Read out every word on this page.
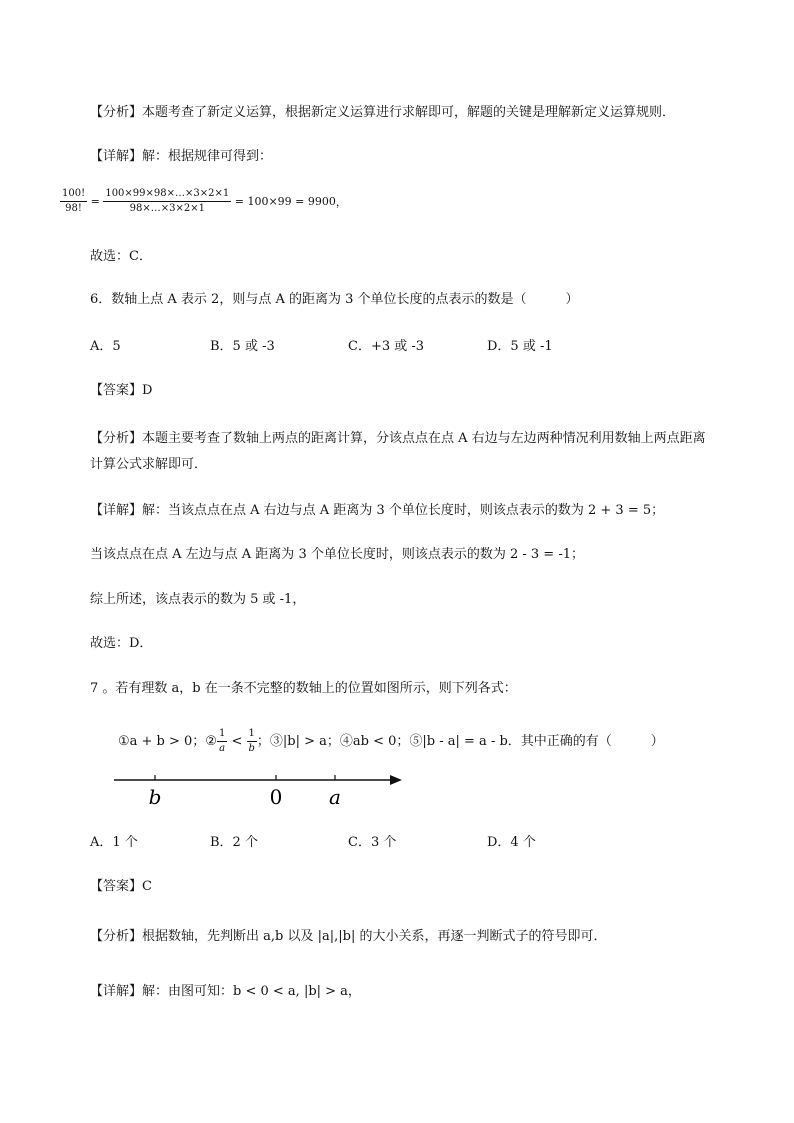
【分析】本题考查了新定义运算，根据新定义运算进行求解即可，解题的关键是理解新定义运算规则．
【详解】解：根据规律可得到：
$\frac{100!}{98!} = \frac{100\times 99\times 98\times\dots\times 3\times 2\times 1}{98\times\dots\times 3\times 2\times 1} = 100\times 99 = 9900$，
故选：C．
6．数轴上点 A 表示 2，则与点 A 的距离为 3 个单位长度的点表示的数是（　　　）
A．5	B．5 或 -3	C．+3 或 -3	D．5 或 -1
【答案】D
【分析】本题主要考查了数轴上两点的距离计算，分该点点在点 A 右边与左边两种情况利用数轴上两点距离计算公式求解即可．
【详解】解：当该点点在点 A 右边与点 A 距离为 3 个单位长度时，则该点表示的数为 2 + 3 = 5；
当该点点在点 A 左边与点 A 距离为 3 个单位长度时，则该点表示的数为 2 - 3 = -1；
综上所述，该点表示的数为 5 或 -1，
故选：D．
7 。若有理数 a，b 在一条不完整的数轴上的位置如图所示，则下列各式：
①a + b > 0；② $\frac{1}{a} < \frac{1}{b}$ ；③|b| > a；④ab < 0；⑤|b - a| = a - b．其中正确的有（　　　）
b	0 a
A．1 个	B．2 个	C．3 个	D．4 个
【答案】C
【分析】根据数轴，先判断出 a,b 以及 |a|,|b| 的大小关系，再逐一判断式子的符号即可．
【详解】解：由图可知：b < 0 < a, |b| > a，
